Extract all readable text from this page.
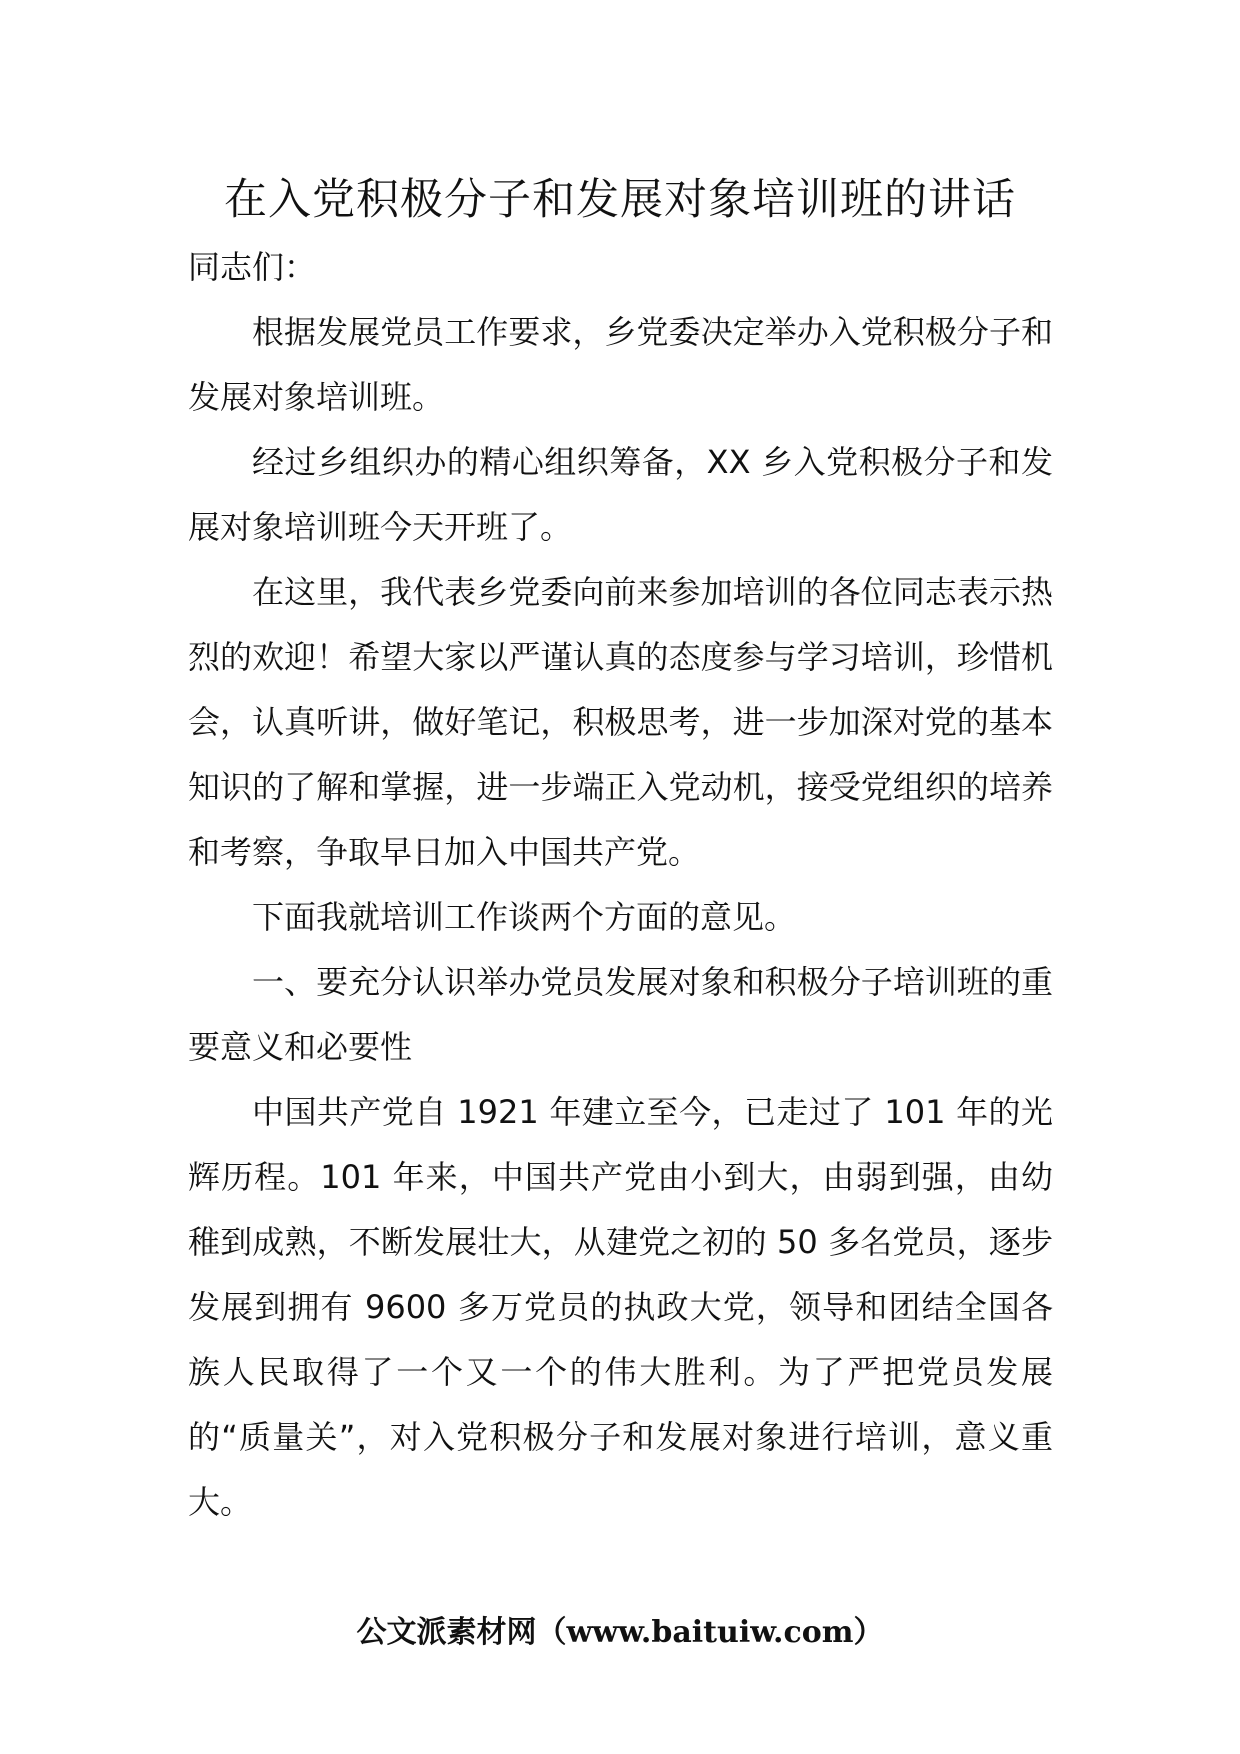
在入党积极分子和发展对象培训班的讲话

同志们：

根据发展党员工作要求，乡党委决定举办入党积极分子和发展对象培训班。

经过乡组织办的精心组织筹备，XX 乡入党积极分子和发展对象培训班今天开班了。

在这里，我代表乡党委向前来参加培训的各位同志表示热烈的欢迎！希望大家以严谨认真的态度参与学习培训，珍惜机会，认真听讲，做好笔记，积极思考，进一步加深对党的基本知识的了解和掌握，进一步端正入党动机，接受党组织的培养和考察，争取早日加入中国共产党。

下面我就培训工作谈两个方面的意见。

一、要充分认识举办党员发展对象和积极分子培训班的重要意义和必要性

中国共产党自 1921 年建立至今，已走过了 101 年的光辉历程。101 年来，中国共产党由小到大，由弱到强，由幼稚到成熟，不断发展壮大，从建党之初的 50 多名党员，逐步发展到拥有 9600 多万党员的执政大党，领导和团结全国各族人民取得了一个又一个的伟大胜利。为了严把党员发展的“质量关”，对入党积极分子和发展对象进行培训，意义重大。

公文派素材网（www.baituiw.com）
